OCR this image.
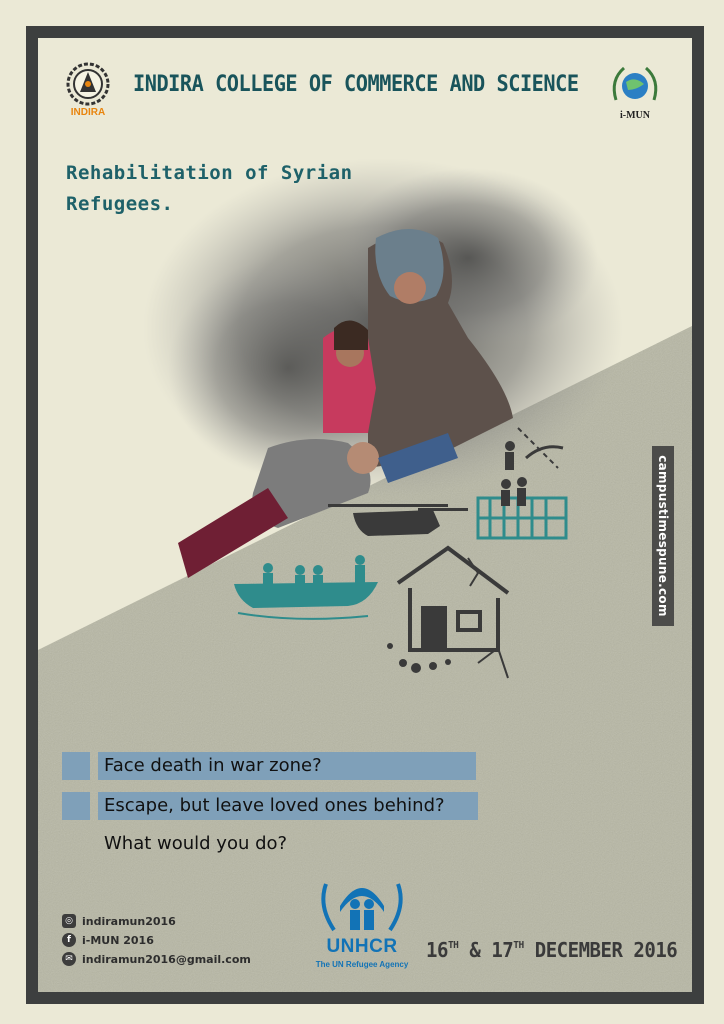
campustimespune.com
INDIRA
INDIRA COLLEGE OF COMMERCE AND SCIENCE
i-MUN
Rehabilitation of Syrian
Refugees.
Face death in war zone?
Escape, but leave loved ones behind?
What would you do?
◎ indiramun2016
f	i-MUN 2016
✉ indiramun2016@gmail.com
UNHCR
The UN Refugee Agency
16TH & 17TH DECEMBER 2016
